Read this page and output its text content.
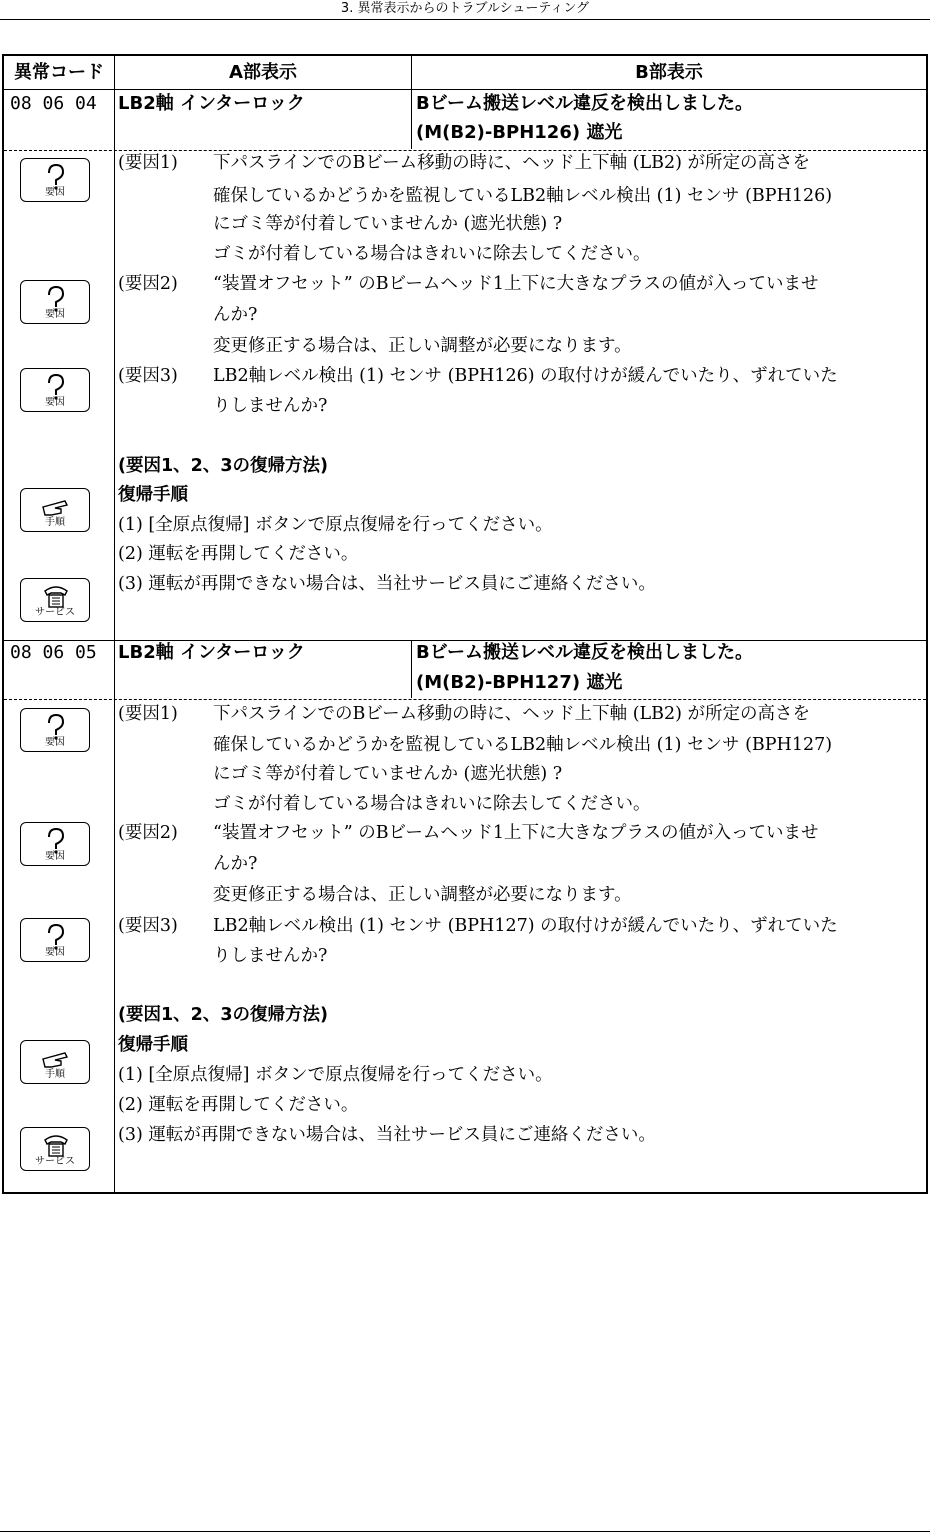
3. 異常表示からのトラブルシューティング
異常コード	A部表示	B部表示
08 06 04 LB2軸 インターロック	Bビーム搬送レベル違反を検出しました。
(M(B2)-BPH126) 遮光
要因
要因
要因
手順
サービス
(要因1) 下パスラインでのBビーム移動の時に、ヘッド上下軸 (LB2) が所定の高さを
確保しているかどうかを監視しているLB2軸レベル検出 (1) センサ (BPH126)
にゴミ等が付着していませんか (遮光状態) ?
ゴミが付着している場合はきれいに除去してください。
(要因2) “装置オフセット” のBビームヘッド1上下に大きなプラスの値が入っていませ
んか?
変更修正する場合は、正しい調整が必要になります。
(要因3) LB2軸レベル検出 (1) センサ (BPH126) の取付けが緩んでいたり、ずれていた
りしませんか?
(要因1、2、3の復帰方法)
復帰手順
(1) [全原点復帰] ボタンで原点復帰を行ってください。
(2) 運転を再開してください。
(3) 運転が再開できない場合は、当社サービス員にご連絡ください。
08 06 05 LB2軸 インターロック	Bビーム搬送レベル違反を検出しました。
(M(B2)-BPH127) 遮光
要因
要因
要因
手順
サービス
(要因1) 下パスラインでのBビーム移動の時に、ヘッド上下軸 (LB2) が所定の高さを
確保しているかどうかを監視しているLB2軸レベル検出 (1) センサ (BPH127)
にゴミ等が付着していませんか (遮光状態) ?
ゴミが付着している場合はきれいに除去してください。
(要因2) “装置オフセット” のBビームヘッド1上下に大きなプラスの値が入っていませ
んか?
変更修正する場合は、正しい調整が必要になります。
(要因3) LB2軸レベル検出 (1) センサ (BPH127) の取付けが緩んでいたり、ずれていた
りしませんか?
(要因1、2、3の復帰方法)
復帰手順
(1) [全原点復帰] ボタンで原点復帰を行ってください。
(2) 運転を再開してください。
(3) 運転が再開できない場合は、当社サービス員にご連絡ください。
